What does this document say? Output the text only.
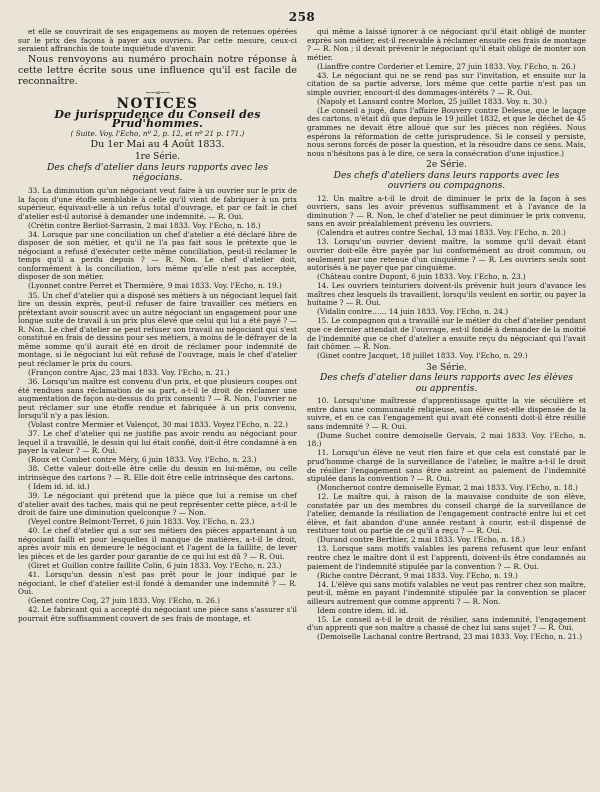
258

et elle se couvrirait de ses engagemens au moyen de retenues opérées sur le prix des façons à payer aux ouvriers. Par cette mesure, ceux-ci seraient affranchis de toute inquiétude d'avenir.

Nous renvoyons au numéro prochain notre réponse à cette lettre écrite sous une influence qu'il est facile de reconnaître.

~~∞~~
NOTICES
De jurisprudence du Conseil des Prud'hommes.
( Suite. Voy. l'Echo, nº 2, p. 12, et nº 21 p. 171.)
Du 1er Mai au 4 Août 1833.
1re Série.
Des chefs d'atelier dans leurs rapports avec les négocians.

33. La diminution qu'un négociant veut faire à un ouvrier sur le prix de la façon d'une étoffe semblable à celle qu'il vient de fabriquer à un prix supérieur, équivaut-elle à un refus total d'ouvrage, et par ce fait le chef d'atelier est-il autorisé à demander une indemnité. — R. Oui.

(Crétin contre Berliot-Sarrasin, 2 mai 1833. Voy. l'Echo, n. 18.)

34. Lorsque par une conciliation un chef d'atelier a été déclaré libre de disposer de son métier, et qu'il ne l'a pas fait sous le prétexte que le négociant a refusé d'exécuter cette même conciliation, peut-il réclamer le temps qu'il a perdu depuis ? — R. Non. Le chef d'atelier doit, conformément à la conciliation, lors même qu'elle n'est pas acceptée, disposer de son métier.

(Lyonnet contre Perret et Thermière, 9 mai 1833. Voy. l'Echo, n. 19.)

35. Un chef d'atelier qui a disposé ses métiers à un négociant lequel fait lire un dessin exprès, peut-il refuser de faire travailler ces métiers en prétextant avoir souscrit avec un autre négociant un engagement pour une longue suite de travail à un prix plus élevé que celui qui lui a été payé ? — R. Non. Le chef d'atelier ne peut refuser son travail au négociant qui s'est constitué en frais de dessins pour ses métiers, à moins de le défrayer de la même somme qu'il aurait été en droit de réclamer pour indemnité de montage, si le négociant lui eût refusé de l'ouvrage, mais le chef d'atelier peut réclamer le prix du cours.

(Françon contre Ajac, 23 mai 1833. Voy. l'Echo, n. 21.)

36. Lorsqu'un maître est convenu d'un prix, et que plusieurs coupes ont été rendues sans réclamation de sa part, a-t-il le droit de réclamer une augmentation de façon au-dessus du prix consenti ? — R. Non, l'ouvrier ne peut réclamer sur une étoffe rendue et fabriquée à un prix convenu, lorsqu'il n'y a pas lésion.

(Volast contre Mermier et Valençot, 30 mai 1833. Voyez l'Echo, n. 22.)

37. Le chef d'atelier qui ne justifie pas avoir rendu au négociant pour lequel il a travaillé, le dessin qui lui était confié, doit-il être condamné à en payer la valeur ? — R. Oui.

(Roux et Combet contre Méry, 6 juin 1833. Voy. l'Echo, n. 23.)

38. Cette valeur doit-elle être celle du dessin en lui-même, ou celle intrinsèque des cartons ? — R. Elle doit être celle intrinsèque des cartons.

( Idem id. id. id.)

39. Le négociant qui prétend que la pièce que lui a remise un chef d'atelier avait des taches, mais qui ne peut représenter cette pièce, a-t-il le droit de faire une diminution quelconque ? — Non.

(Veyel contre Belmont-Terret, 6 juin 1833. Voy. l'Echo, n. 23.)

40. Le chef d'atelier qui a sur ses métiers des pièces appartenant à un négociant failli et pour lesquelles il manque de matières, a-t-il le droit, après avoir mis en demeure le négociant et l'agent de la faillite, de lever les pièces et de les garder pour garantie de ce qui lui est dû ? — R. Oui.

(Giret et Guillon contre faillite Colin, 6 juin 1833. Voy. l'Echo, n. 23.)

41. Lorsqu'un dessin n'est pas prêt pour le jour indiqué par le négociant, le chef d'atelier est-il fondé à demander une indemnité ? — R. Oui.

(Genet contre Coq, 27 juin 1833. Voy. l'Echo, n. 26.)

42. Le fabricant qui a accepté du négociant une pièce sans s'assurer s'il pourrait être suffisamment couvert de ses frais de montage, et

qui même a laissé ignorer à ce négociant qu'il était obligé de monter exprès son métier, est-il recevable à réclamer ensuite ces frais de montage ? — R. Non ; il devait prévenir le négociant qu'il était obligé de monter son métier.

(Lianffre contre Corderier et Lemire, 27 juin 1833. Voy. l'Echo, n. 26.)

43. Le négociant qui ne se rend pas sur l'invitation, et ensuite sur la citation de sa partie adverse, lors même que cette partie n'est pas un simple ouvrier, encourt-il des dommages-intérêts ? — R. Oui.

(Napoly et Lansard contre Morlon, 25 juillet 1833. Voy. n. 30.)

(Le conseil a jugé, dans l'affaire Bouvery contre Delesse, que le laçage des cartons, n'était dû que depuis le 19 juillet 1832, et que le déchet de 45 grammes ne devait être alloué que sur les pièces non réglées. Nous espérons la réformation de cette jurisprudence. Si le conseil y persiste, nous serons forcés de poser la question, et la résoudre dans ce sens. Mais, nous n'hésitons pas à le dire, ce sera la consécration d'une injustice.)

2e Série.
Des chefs d'ateliers dans leurs rapports avec les ouvriers ou compagnons.

12. Un maître a-t-il le droit de diminuer le prix de la façon à ses ouvriers, sans les avoir prévenus suffisamment et à l'avance de la diminution ? — R. Non, le chef d'atelier ne peut diminuer le prix convenu, sans en avoir préalablement prévenu les ouvriers.

(Calendra et autres contre Sechal, 13 mai 1833. Voy. l'Echo, n. 20.)

13. Lorsqu'un ouvrier devient maître, la somme qu'il devait étant ouvrier doit-elle être payée par lui conformément au droit commun, ou seulement par une retenue d'un cinquième ? — R. Les ouvriers seuls sont autorisés à ne payer que par cinquième.

(Château contre Dupont, 6 juin 1833. Voy. l'Echo, n. 23.)

14. Les ouvriers teinturiers doivent-ils prévenir huit jours d'avance les maîtres chez lesquels ils travaillent, lorsqu'ils veulent en sortir, ou payer la huitaine ? — R. Oui.

(Vidalin contre…… 14 juin 1833. Voy. l'Echo, n. 24.)

15. Le compagnon qui a travaillé sur le métier du chef d'atelier pendant que ce dernier attendait de l'ouvrage, est-il fondé à demander de la moitié de l'indemnité que ce chef d'atelier a ensuite reçu du négociant qui l'avait fait chômer. — R. Non.

(Ginet contre Jacquet, 18 juillet 1833. Voy. l'Echo, n. 29.)

3e Série.
Des chefs d'atelier dans leurs rapports avec les élèves ou apprentis.

10. Lorsqu'une maîtresse d'apprentissage quitte la vie séculière et entre dans une communauté religieuse, son élève est-elle dispensée de la suivre, et en ce cas l'engagement qui avait été consenti doit-il être résilié sans indemnité ? — R. Oui.

(Dume Suchet contre demoiselle Gervais, 2 mai 1833. Voy. l'Echo, n. 18.)

11. Lorsqu'un élève ne veut rien faire et que cela est constaté par le prud'homme chargé de la surveillance de l'atelier, le maître a-t-il le droit de résilier l'engagement sans être astreint au paiement de l'indemnité stipulée dans la convention ? — R. Oui.

(Monchernot contre demoiselle Eymar, 2 mai 1833. Voy. l'Echo, n. 18.)

12. Le maître qui, à raison de la mauvaise conduite de son élève, constatée par un des membres du conseil chargé de la surveillance de l'atelier, demande la résiliation de l'engagement contracté entre lui et cet élève, et fait abandon d'une année restant à courir, est-il dispensé de restituer tout ou partie de ce qu'il a reçu ? — R. Oui.

(Durand contre Berthier, 2 mai 1833. Voy. l'Echo, n. 18.)

13. Lorsque sans motifs valables les parens refusent que leur enfant rentre chez le maître dont il est l'apprenti, doivent-ils être condamnés au paiement de l'indemnité stipulée par la convention ? — R. Oui.

(Riche contre Décrant, 9 mai 1833. Voy. l'Echo, n. 19.)

14. L'élève qui sans motifs valables ne veut pas rentrer chez son maître, peut-il, même en payant l'indemnité stipulée par la convention se placer ailleurs autrement que comme apprenti ? — R. Non.

Idem contre idem. id. id.

15. Le conseil a-t-il le droit de résilier, sans indemnité, l'engagement d'un apprenti que son maître a chassé de chez lui sans sujet ? — R. Oui.

(Demoiselle Lachanal contre Bertrand, 23 mai 1833. Voy. l'Echo, n. 21.)
